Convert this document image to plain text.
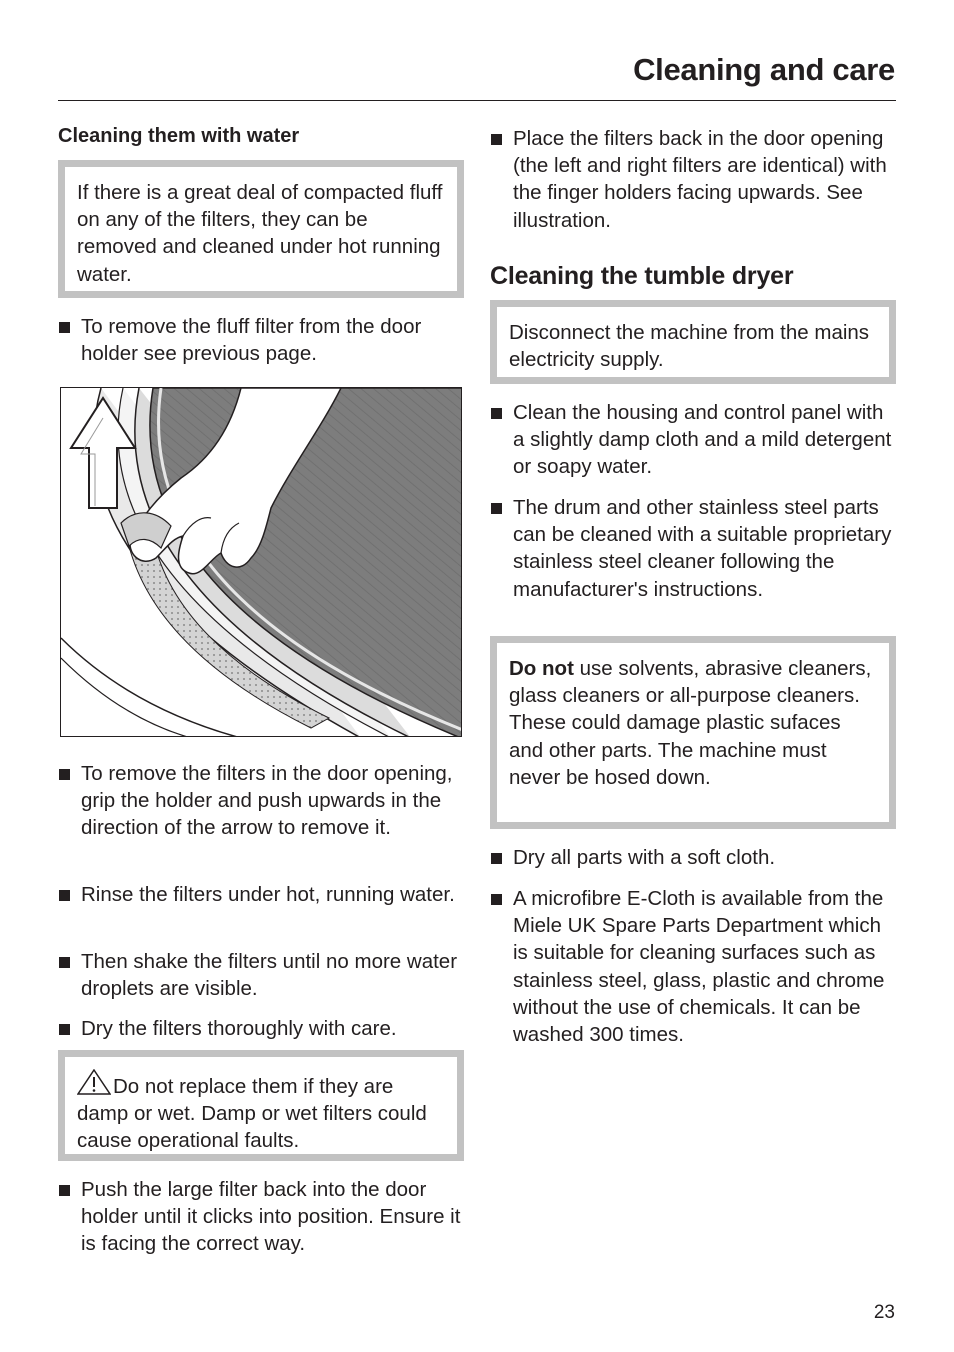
Cleaning and care
Cleaning them with water

If there is a great deal of compacted fluff on any of the filters, they can be removed and cleaned under hot running water.

To remove the fluff filter from the door holder see previous page.

To remove the filters in the door opening, grip the holder and push upwards in the direction of the arrow to remove it.

Rinse the filters under hot, running water.

Then shake the filters until no more water droplets are visible.

Dry the filters thoroughly with care.

Do not replace them if they are damp or wet. Damp or wet filters could cause operational faults.

Push the large filter back into the door holder until it clicks into position. Ensure it is facing the correct way.

Place the filters back in the door opening (the left and right filters are identical) with the finger holders facing upwards. See illustration.

Cleaning the tumble dryer

Disconnect the machine from the mains electricity supply.

Clean the housing and control panel with a slightly damp cloth and a mild detergent or soapy water.

The drum and other stainless steel parts can be cleaned with a suitable proprietary stainless steel cleaner following the manufacturer's instructions.

Do not use solvents, abrasive cleaners, glass cleaners or all-purpose cleaners. These could damage plastic sufaces and other parts. The machine must never be hosed down.

Dry all parts with a soft cloth.

A microfibre E-Cloth is available from the Miele UK Spare Parts Department which is suitable for cleaning surfaces such as stainless steel, glass, plastic and chrome without the use of chemicals. It can be washed 300 times.

23
